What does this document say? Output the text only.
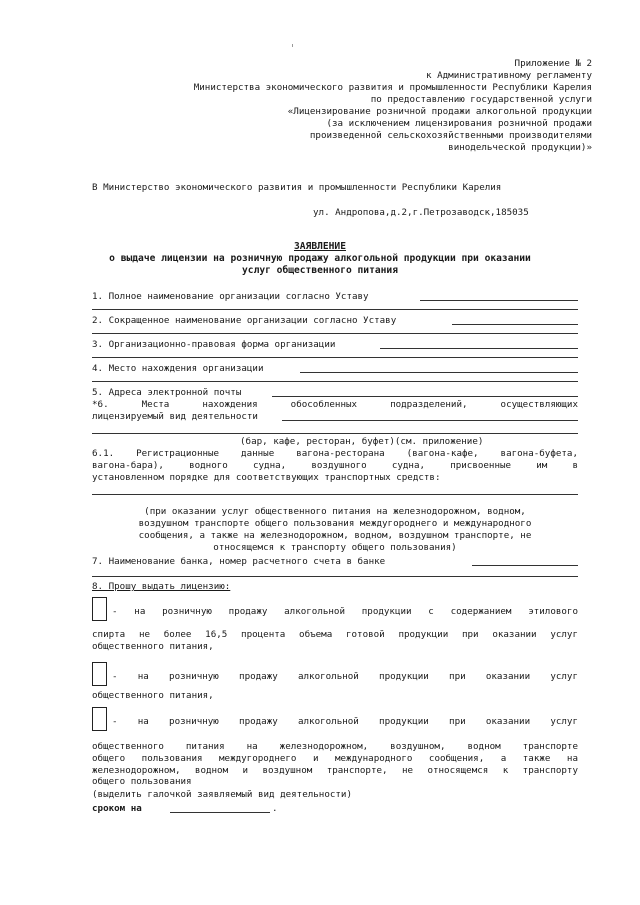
Приложение № 2
к Административному регламенту
Министерства экономического развития и промышленности Республики Карелия
по предоставлению государственной услуги
«Лицензирование розничной продажи алкогольной продукции
(за исключением лицензирования розничной продажи
произведенной сельскохозяйственными производителями
винодельческой продукции)»
В Министерство экономического развития и промышленности Республики Карелия
ул. Андропова,д.2,г.Петрозаводск,185035
ЗАЯВЛЕНИЕ
о выдаче лицензии на розничную продажу алкогольной продукции при оказании
услуг общественного питания
1. Полное наименование организации согласно Уставу
2. Сокращенное наименование организации согласно Уставу
3. Организационно-правовая форма организации
4. Место нахождения организации
5. Адреса электронной почты
*6. Места нахождения обособленных подразделений, осуществляющих
лицензируемый вид деятельности
(бар, кафе, ресторан, буфет)(см. приложение)
6.1. Регистрационные данные вагона-ресторана (вагона-кафе, вагона-буфета,
вагона-бара), водного судна, воздушного судна, присвоенные им в
установленном порядке для соответствующих транспортных средств:
(при оказании услуг общественного питания на железнодорожном, водном,
воздушном транспорте общего пользования междугороднего и международного
сообщения, а также на железнодорожном, водном, воздушном транспорте, не
относящемся к транспорту общего пользования)
7. Наименование банка, номер расчетного счета в банке
8. Прошу выдать лицензию:
- на розничную продажу алкогольной продукции с содержанием этилового
спирта не более 16,5 процента объема готовой продукции при оказании услуг
общественного питания,
- на розничную продажу алкогольной продукции при оказании услуг
общественного питания,
- на розничную продажу алкогольной продукции при оказании услуг
общественного питания на железнодорожном, воздушном, водном транспорте
общего пользования междугороднего и международного сообщения, а также на
железнодорожном, водном и воздушном транспорте, не относящемся к транспорту
общего пользования
(выделить галочкой заявляемый вид деятельности)
сроком на	.
